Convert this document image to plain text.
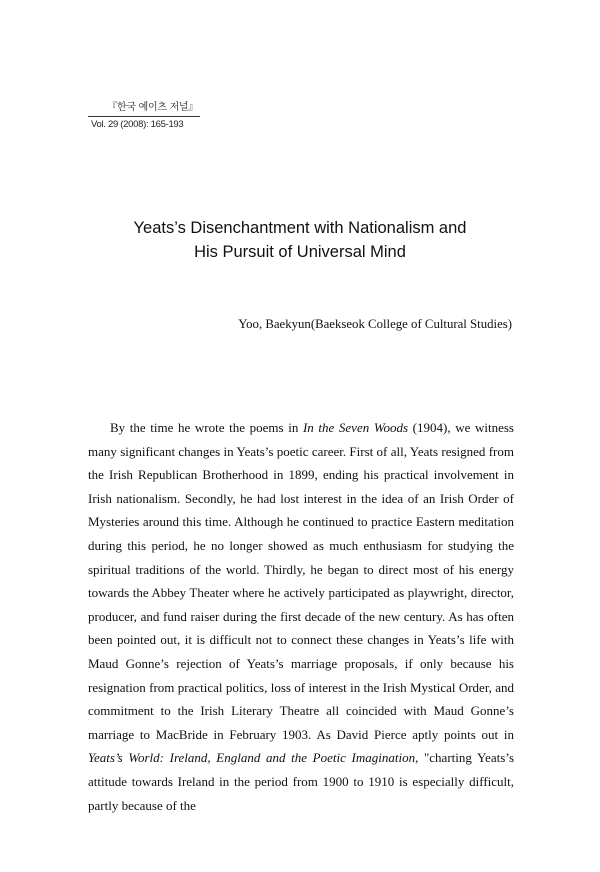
『한국 예이츠 저널』
Vol. 29 (2008): 165-193
Yeats’s Disenchantment with Nationalism and
His Pursuit of Universal Mind
Yoo, Baekyun(Baekseok College of Cultural Studies)

By the time he wrote the poems in In the Seven Woods (1904), we witness many significant changes in Yeats’s poetic career. First of all, Yeats resigned from the Irish Republican Brotherhood in 1899, ending his practical involvement in Irish nationalism. Secondly, he had lost interest in the idea of an Irish Order of Mysteries around this time. Although he continued to practice Eastern meditation during this period, he no longer showed as much enthusiasm for studying the spiritual traditions of the world. Thirdly, he began to direct most of his energy towards the Abbey Theater where he actively participated as playwright, director, producer, and fund raiser during the first decade of the new century. As has often been pointed out, it is difficult not to connect these changes in Yeats’s life with Maud Gonne’s rejection of Yeats’s marriage proposals, if only because his resignation from practical politics, loss of interest in the Irish Mystical Order, and commitment to the Irish Literary Theatre all coincided with Maud Gonne’s marriage to MacBride in February 1903. As David Pierce aptly points out in Yeats’s World: Ireland, England and the Poetic Imagination, "charting Yeats’s attitude towards Ireland in the period from 1900 to 1910 is especially difficult, partly because of the
